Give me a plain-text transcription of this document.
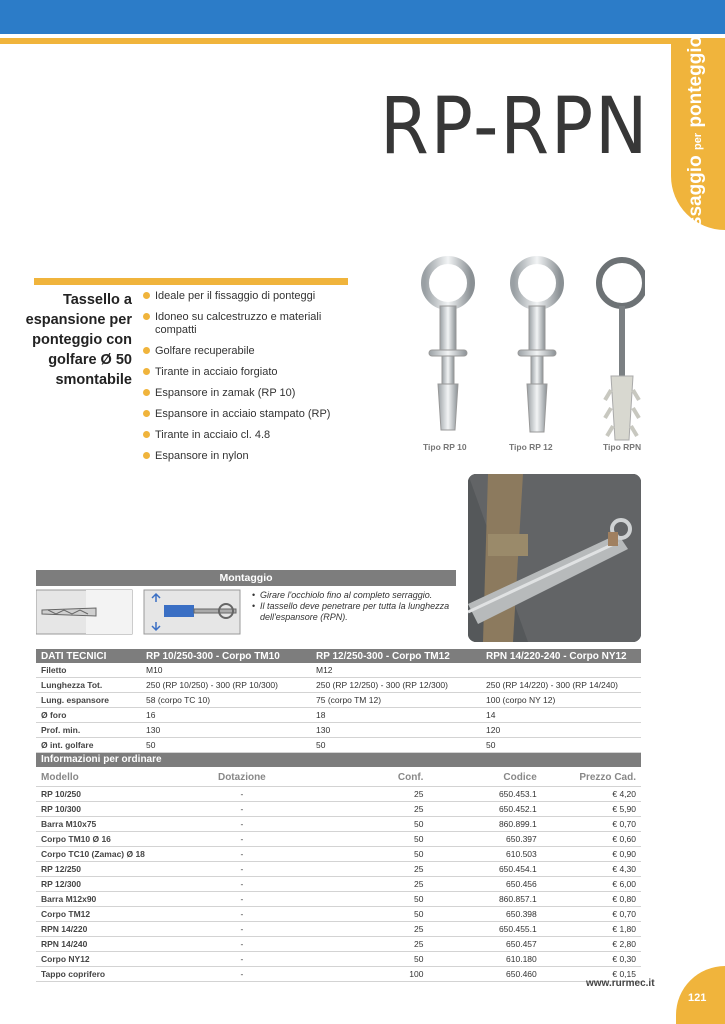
Fissaggio per ponteggio
RP-RPN
Tassello a
espansione per
ponteggio con
golfare Ø 50
smontabile
Ideale per il fissaggio di ponteggi
Idoneo su calcestruzzo e materiali compatti
Golfare recuperabile
Tirante in acciaio forgiato
Espansore in zamak (RP 10)
Espansore in acciaio stampato (RP)
Tirante in acciaio cl. 4.8
Espansore in nylon
Tipo RP 10	Tipo RP 12	Tipo RPN
Montaggio
• Girare l'occhiolo fino al completo serraggio.
• Il tassello deve penetrare per tutta la lunghezza dell'espansore (RPN).
DATI TECNICI	RP 10/250-300 - Corpo TM10	RP 12/250-300 - Corpo TM12	RPN 14/220-240 - Corpo NY12
Filetto	M10	M12	
Lunghezza Tot.	250 (RP 10/250) - 300 (RP 10/300)	250 (RP 12/250) - 300 (RP 12/300)	250 (RP 14/220) - 300 (RP 14/240)
Lung. espansore	58 (corpo TC 10)	75 (corpo TM 12)	100 (corpo NY 12)
Ø foro	16	18	14
Prof. min.	130	130	120
Ø int. golfare	50	50	50
Informazioni per ordinare
Modello	Dotazione	Conf.	Codice	Prezzo Cad.
RP 10/250	-	25	650.453.1	€ 4,20
RP 10/300	-	25	650.452.1	€ 5,90
Barra M10x75	-	50	860.899.1	€ 0,70
Corpo TM10 Ø 16	-	50	650.397	€ 0,60
Corpo TC10 (Zamac) Ø 18	-	50	610.503	€ 0,90
RP 12/250	-	25	650.454.1	€ 4,30
RP 12/300	-	25	650.456	€ 6,00
Barra M12x90	-	50	860.857.1	€ 0,80
Corpo TM12	-	50	650.398	€ 0,70
RPN 14/220	-	25	650.455.1	€ 1,80
RPN 14/240	-	25	650.457	€ 2,80
Corpo NY12	-	50	610.180	€ 0,30
Tappo coprifero	-	100	650.460	€ 0,15
www.rurmec.it
121
